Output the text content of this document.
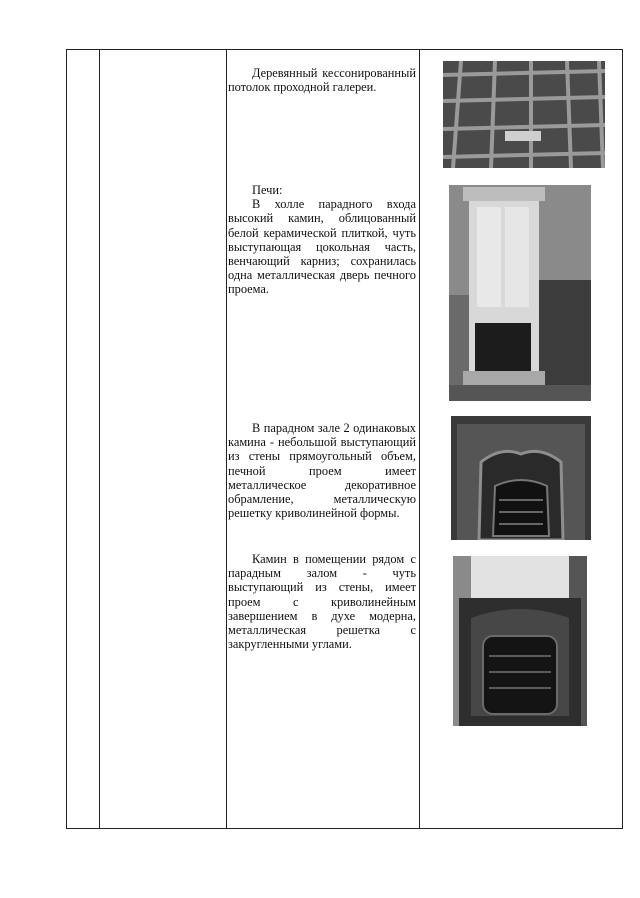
Деревянный кессонированный потолок проходной галереи.

Печи:

В холле парадного входа высокий камин, облицованный белой керамической плиткой, чуть выступающая цокольная часть, венчающий карниз; сохранилась одна металлическая дверь печного проема.

В парадном зале 2 одинаковых камина - небольшой выступающий из стены прямоугольный объем, печной проем имеет металлическое декоративное обрамление, металлическую решетку криволинейной формы.

Камин в помещении рядом с парадным залом - чуть выступающий из стены, имеет проем с криволинейным завершением в духе модерна, металлическая решетка с закругленными углами.
